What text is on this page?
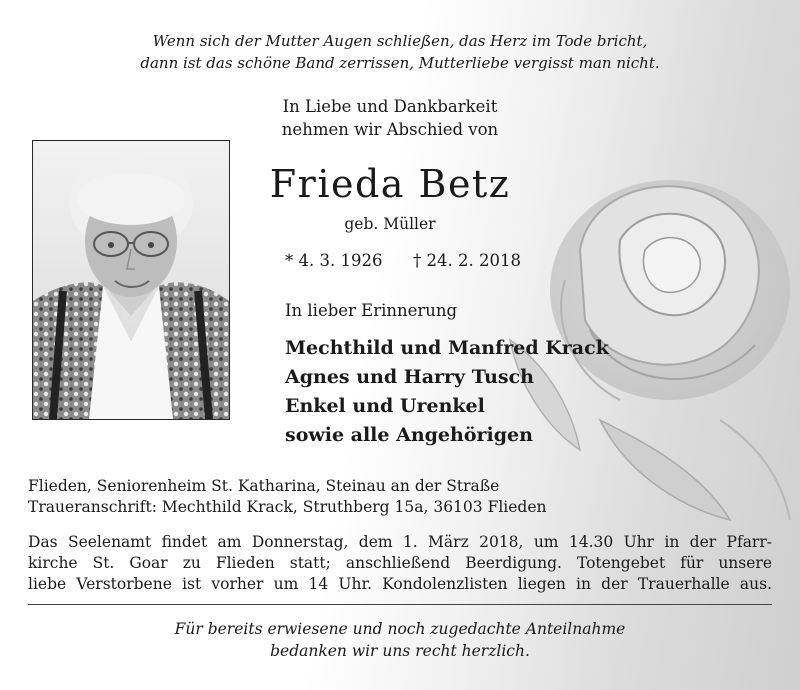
Wenn sich der Mutter Augen schließen, das Herz im Tode bricht,
dann ist das schöne Band zerrissen, Mutterliebe vergisst man nicht.
In Liebe und Dankbarkeit
nehmen wir Abschied von
Frieda Betz
geb. Müller
* 4. 3. 1926 † 24. 2. 2018
In lieber Erinnerung
Mechthild und Manfred Krack
Agnes und Harry Tusch
Enkel und Urenkel
sowie alle Angehörigen
Flieden, Seniorenheim St. Katharina, Steinau an der Straße
Traueranschrift: Mechthild Krack, Struthberg 15a, 36103 Flieden
Das Seelenamt findet am Donnerstag, dem 1. März 2018, um 14.30 Uhr in der Pfarr-
kirche St. Goar zu Flieden statt; anschließend Beerdigung. Totengebet für unsere
liebe Verstorbene ist vorher um 14 Uhr. Kondolenzlisten liegen in der Trauerhalle aus.
Für bereits erwiesene und noch zugedachte Anteilnahme
bedanken wir uns recht herzlich.
